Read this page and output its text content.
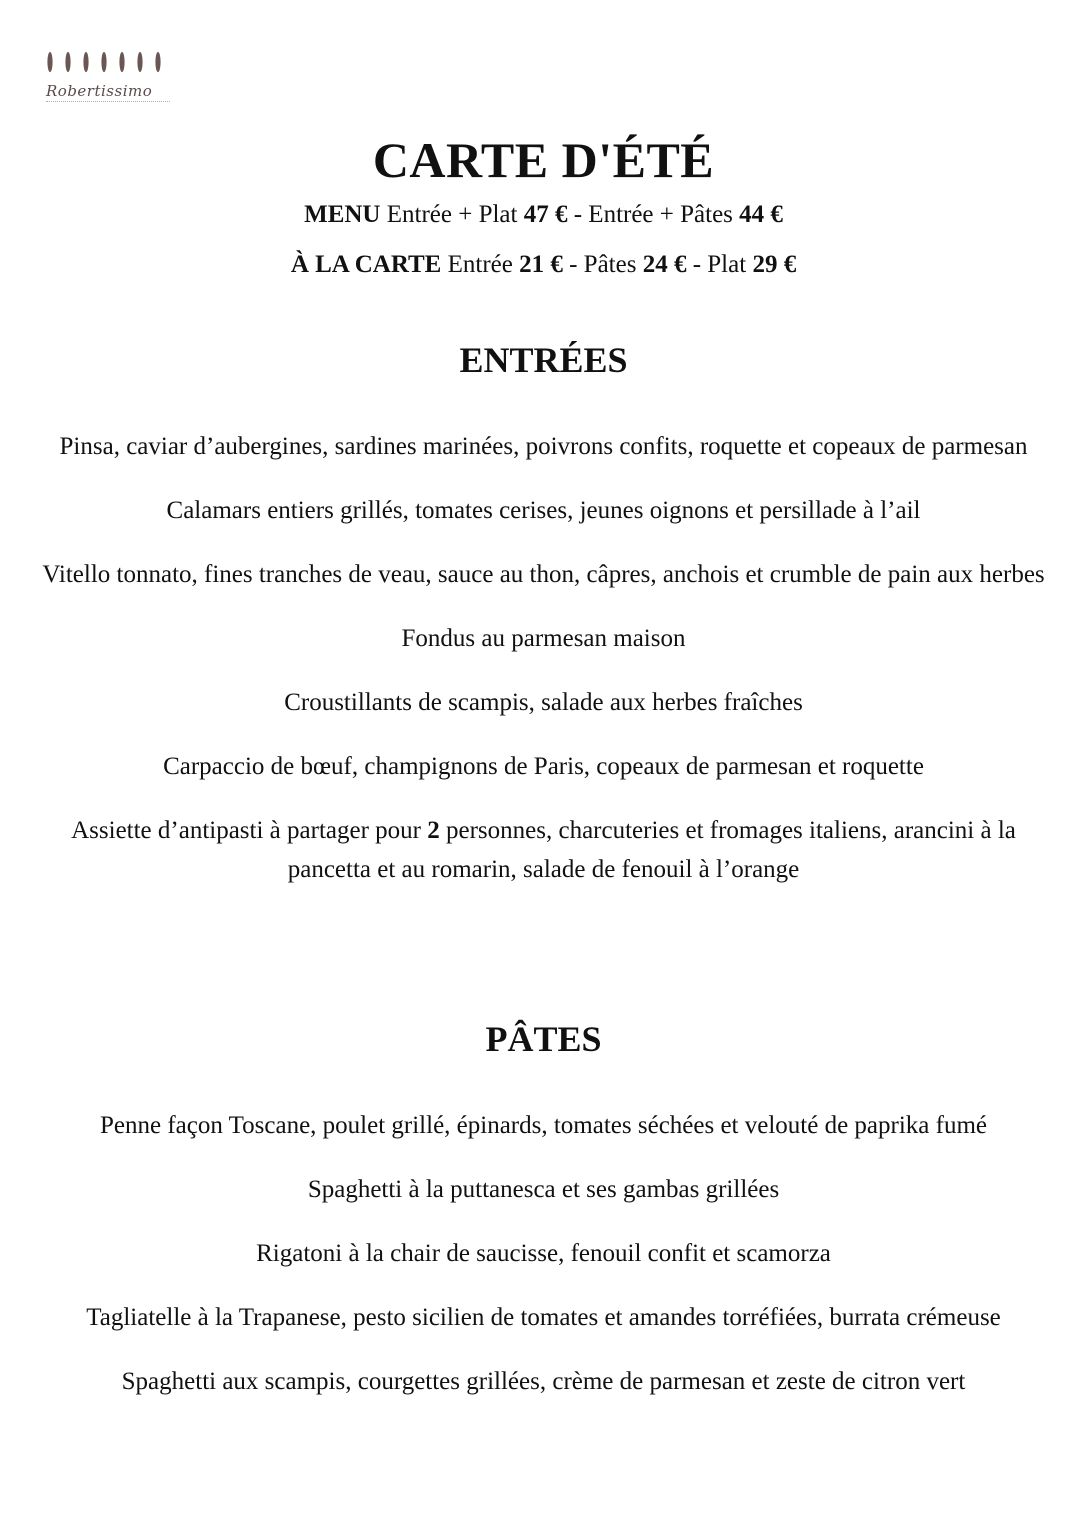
Robertissimo
CARTE D'ÉTÉ
MENU Entrée + Plat 47 € - Entrée + Pâtes 44 €
À LA CARTE Entrée 21 € - Pâtes 24 € - Plat 29 €
ENTRÉES
Pinsa, caviar d’aubergines, sardines marinées, poivrons confits, roquette et copeaux de parmesan
Calamars entiers grillés, tomates cerises, jeunes oignons et persillade à l’ail
Vitello tonnato, fines tranches de veau, sauce au thon, câpres, anchois et crumble de pain aux herbes
Fondus au parmesan maison
Croustillants de scampis, salade aux herbes fraîches
Carpaccio de bœuf, champignons de Paris, copeaux de parmesan et roquette
Assiette d’antipasti à partager pour 2 personnes, charcuteries et fromages italiens, arancini à la pancetta et au romarin, salade de fenouil à l’orange
PÂTES
Penne façon Toscane, poulet grillé, épinards, tomates séchées et velouté de paprika fumé
Spaghetti à la puttanesca et ses gambas grillées
Rigatoni à la chair de saucisse, fenouil confit et scamorza
Tagliatelle à la Trapanese, pesto sicilien de tomates et amandes torréfiées, burrata crémeuse
Spaghetti aux scampis, courgettes grillées, crème de parmesan et zeste de citron vert
